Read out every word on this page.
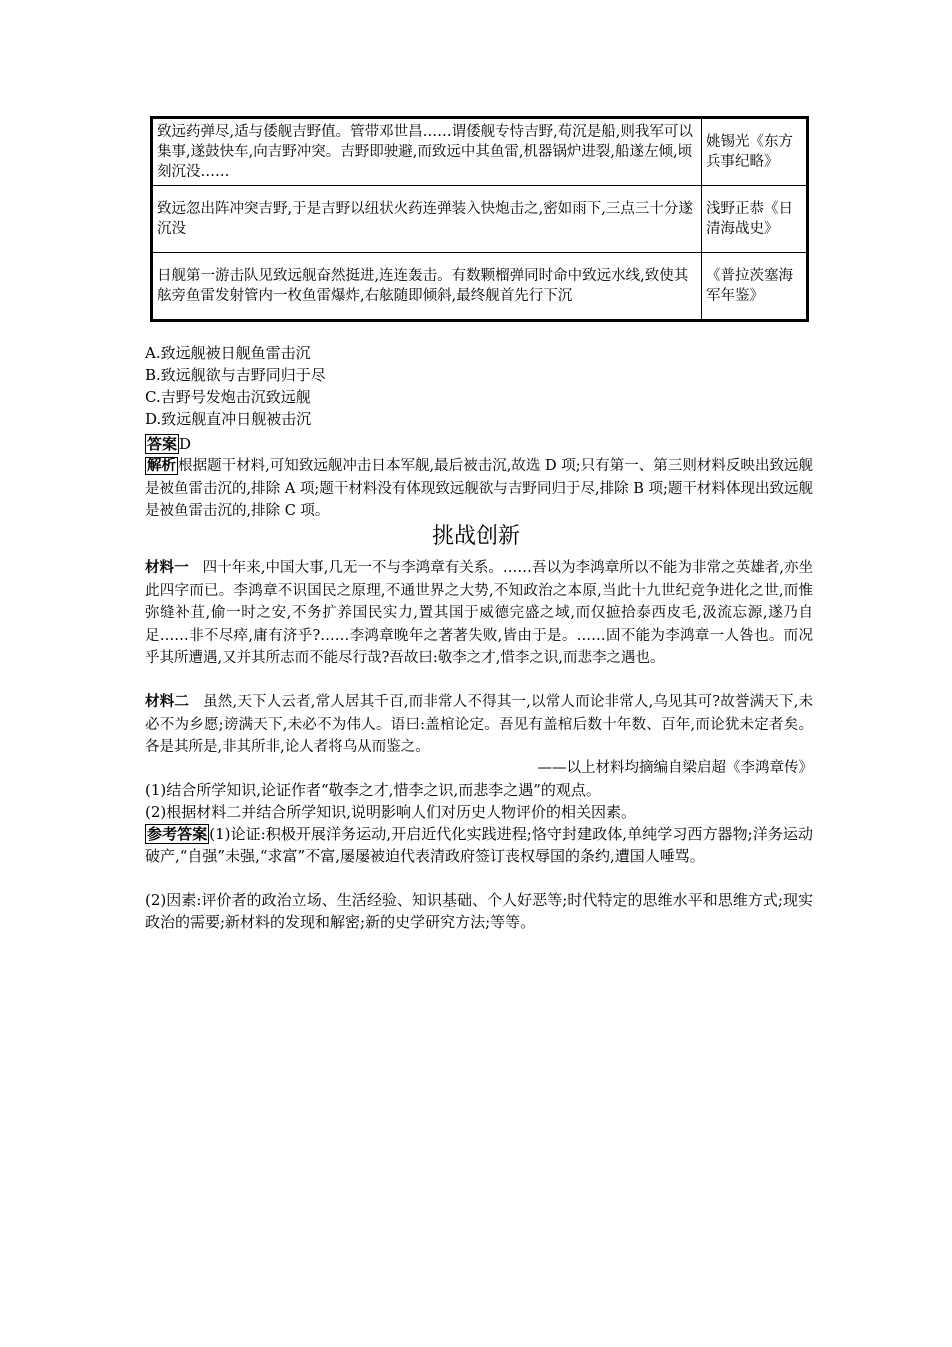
致远药弹尽,适与倭舰吉野值。管带邓世昌……谓倭舰专恃吉野,苟沉是船,则我军可以集事,遂鼓快车,向吉野冲突。吉野即驶避,而致远中其鱼雷,机器锅炉进裂,船遂左倾,顷刻沉没……	姚锡光《东方兵事纪略》
致远忽出阵冲突吉野,于是吉野以纽状火药连弹装入快炮击之,密如雨下,三点三十分遂沉没	浅野正恭《日清海战史》
日舰第一游击队见致远舰奋然挺进,连连轰击。有数颗榴弹同时命中致远水线,致使其舷旁鱼雷发射管内一枚鱼雷爆炸,右舷随即倾斜,最终舰首先行下沉	《普拉茨塞海军年鉴》
A.致远舰被日舰鱼雷击沉
B.致远舰欲与吉野同归于尽
C.吉野号发炮击沉致远舰
D.致远舰直冲日舰被击沉
答案 D
解析 根据题干材料,可知致远舰冲击日本军舰,最后被击沉,故选 D 项;只有第一、第三则材料反映出致远舰是被鱼雷击沉的,排除 A 项;题干材料没有体现致远舰欲与吉野同归于尽,排除 B 项;题干材料体现出致远舰是被鱼雷击沉的,排除 C 项。
挑战创新
材料一 四十年来,中国大事,几无一不与李鸿章有关系。……吾以为李鸿章所以不能为非常之英雄者,亦坐此四字而已。李鸿章不识国民之原理,不通世界之大势,不知政治之本原,当此十九世纪竞争进化之世,而惟弥缝补苴,偷一时之安,不务扩养国民实力,置其国于威德完盛之域,而仅摭拾泰西皮毛,汲流忘源,遂乃自足……非不尽瘁,庸有济乎?……李鸿章晚年之著著失败,皆由于是。……固不能为李鸿章一人咎也。而况乎其所遭遇,又并其所志而不能尽行哉?吾故曰:敬李之才,惜李之识,而悲李之遇也。
材料二 虽然,天下人云者,常人居其千百,而非常人不得其一,以常人而论非常人,乌见其可?故誉满天下,未必不为乡愿;谤满天下,未必不为伟人。语曰:盖棺论定。吾见有盖棺后数十年数、百年,而论犹未定者矣。各是其所是,非其所非,论人者将乌从而鉴之。
——以上材料均摘编自梁启超《李鸿章传》
(1)结合所学知识,论证作者“敬李之才,惜李之识,而悲李之遇”的观点。
(2)根据材料二并结合所学知识,说明影响人们对历史人物评价的相关因素。
参考答案 (1)论证:积极开展洋务运动,开启近代化实践进程;恪守封建政体,单纯学习西方器物;洋务运动破产,“自强”未强,“求富”不富,屡屡被迫代表清政府签订丧权辱国的条约,遭国人唾骂。
(2)因素:评价者的政治立场、生活经验、知识基础、个人好恶等;时代特定的思维水平和思维方式;现实政治的需要;新材料的发现和解密;新的史学研究方法;等等。
